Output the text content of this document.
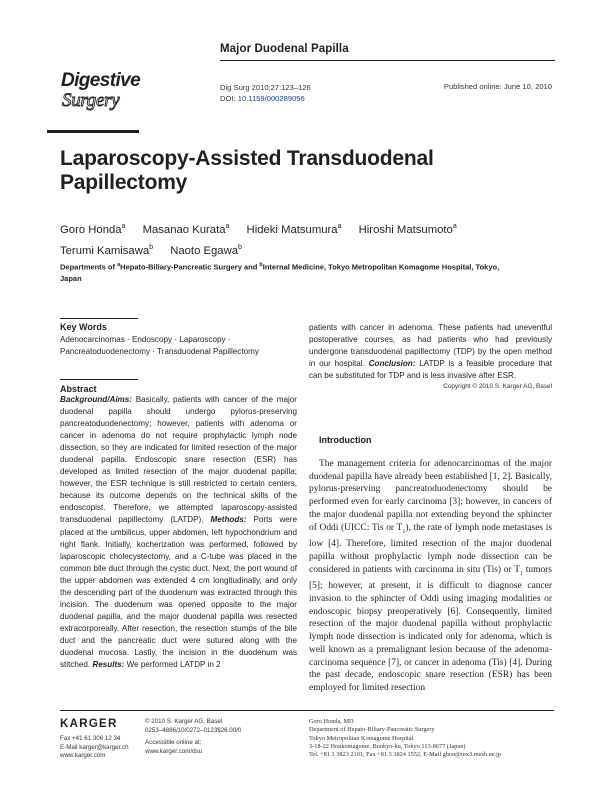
Major Duodenal Papilla
Digestive
Surgery
Dig Surg 2010;27:123–126
DOI: 10.1159/000289056
Published online: June 10, 2010
Laparoscopy-Assisted Transduodenal Papillectomy
Goro Honda$^a$ Masanao Kurata$^a$ Hideki Matsumura$^a$ Hiroshi Matsumoto$^a$
Terumi Kamisawa$^b$ Naoto Egawa$^b$
Departments of $^a$Hepato-Biliary-Pancreatic Surgery and $^b$Internal Medicine, Tokyo Metropolitan Komagome Hospital, Tokyo, Japan
Key Words
Adenocarcinomas · Endoscopy · Laparoscopy · Pancreatoduodenectomy · Transduodenal Papillectomy
Abstract
Background/Aims: Basically, patients with cancer of the major duodenal papilla should undergo pylorus-preserving pancreatoduodenectomy; however, patients with adenoma or cancer in adenoma do not require prophylactic lymph node dissection, so they are indicated for limited resection of the major duodenal papilla. Endoscopic snare resection (ESR) has developed as limited resection of the major duodenal papilla; however, the ESR technique is still restricted to certain centers, because its outcome depends on the technical skills of the endoscopist. Therefore, we attempted laparoscopy-assisted transduodenal papillectomy (LATDP). Methods: Ports were placed at the umbilicus, upper abdomen, left hypochondrium and right flank. Initially, kocherization was performed, followed by laparoscopic cholecystectomy, and a C-tube was placed in the common bile duct through the cystic duct. Next, the port wound of the upper abdomen was extended 4 cm longitudinally, and only the descending part of the duodenum was extracted through this incision. The duodenum was opened opposite to the major duodenal papilla, and the major duodenal papilla was resected extracorporeally. After resection, the resection stumps of the bile duct and the pancreatic duct were sutured along with the duodenal mucosa. Lastly, the incision in the duodenum was stitched. Results: We performed LATDP in 2
patients with cancer in adenoma. These patients had uneventful postoperative courses, as had patients who had previously undergone transduodenal papillectomy (TDP) by the open method in our hospital. Conclusion: LATDP is a feasible procedure that can be substituted for TDP and is less invasive after ESR.
Copyright © 2010 S. Karger AG, Basel
Introduction
The management criteria for adenocarcinomas of the major duodenal papilla have already been established [1, 2]. Basically, pylorus-preserving pancreatoduodenectomy should be performed even for early carcinoma [3]; however, in cancers of the major duodenal papilla not extending beyond the sphincter of Oddi (UICC: Tis or $T_1$), the rate of lymph node metastases is low [4]. Therefore, limited resection of the major duodenal papilla without prophylactic lymph node dissection can be considered in patients with carcinoma in situ (Tis) or $T_1$ tumors [5]; however, at present, it is difficult to diagnose cancer invasion to the sphincter of Oddi using imaging modalities or endoscopic biopsy preoperatively [6]. Consequently, limited resection of the major duodenal papilla without prophylactic lymph node dissection is indicated only for adenoma, which is well known as a premalignant lesion because of the adenoma-carcinoma sequence [7], or cancer in adenoma (Tis) [4]. During the past decade, endoscopic snare resection (ESR) has been employed for limited resection
KARGER
Fax +41 61 306 12 34
E-Mail karger@karger.ch
www.karger.com
© 2010 S. Karger AG, Basel
0253–4886/10/0272–0123$26.00/0
Accessible online at:
www.karger.com/dsu
Goro Honda, MD
Department of Hepato-Biliary-Pancreatic Surgery
Tokyo Metropolitan Komagome Hospital
3-18-22 Honkomagome, Bunkyo-ku, Tokyo 113-8677 (Japan)
Tel. +81 3 3823 2101, Fax +81 3 3824 1552, E-Mail ghon@mx3.mesh.ne.jp
